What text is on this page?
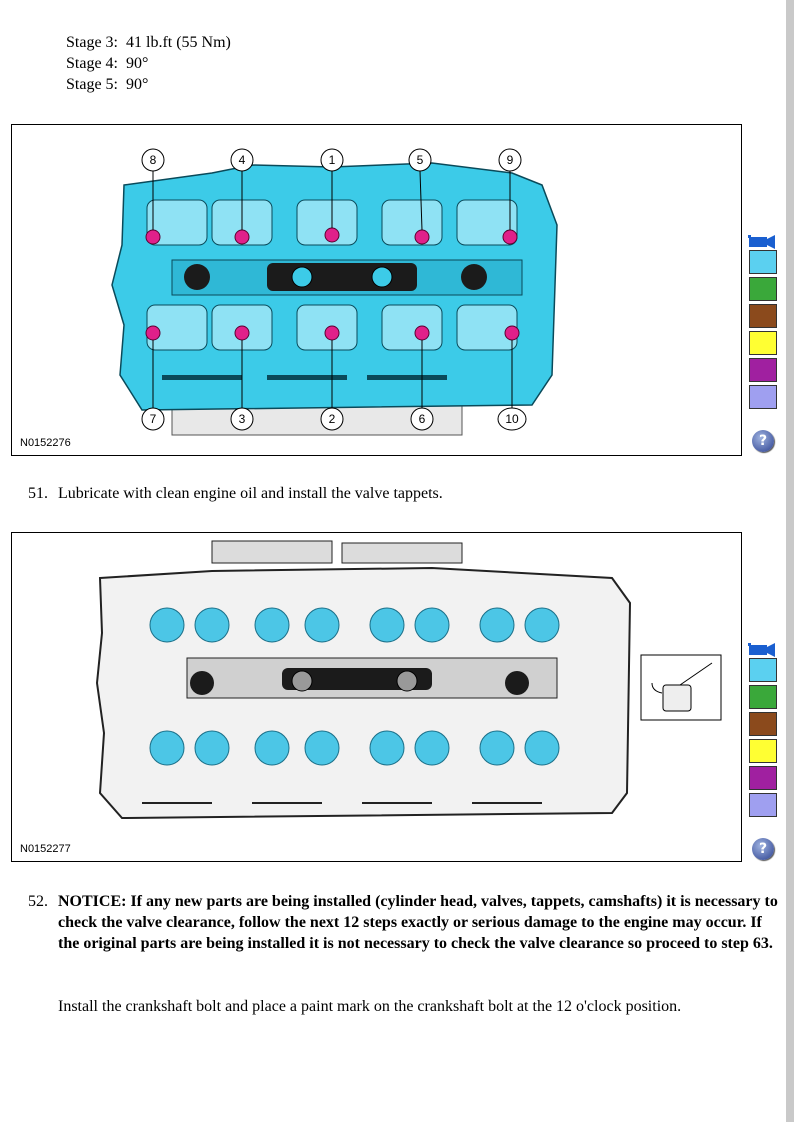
Stage 3: 41 lb.ft (55 Nm)
Stage 4: 90°
Stage 5: 90°
8	4	1	5	9
7	3	2	6	10
N0152276	?
51. Lubricate with clean engine oil and install the valve tappets.
N0152277	?
52. NOTICE: If any new parts are being installed (cylinder head, valves, tappets, camshafts) it is necessary to check the valve clearance, follow the next 12 steps exactly or serious damage to the engine may occur. If the original parts are being installed it is not necessary to check the valve clearance so proceed to step 63.
Install the crankshaft bolt and place a paint mark on the crankshaft bolt at the 12 o'clock position.
